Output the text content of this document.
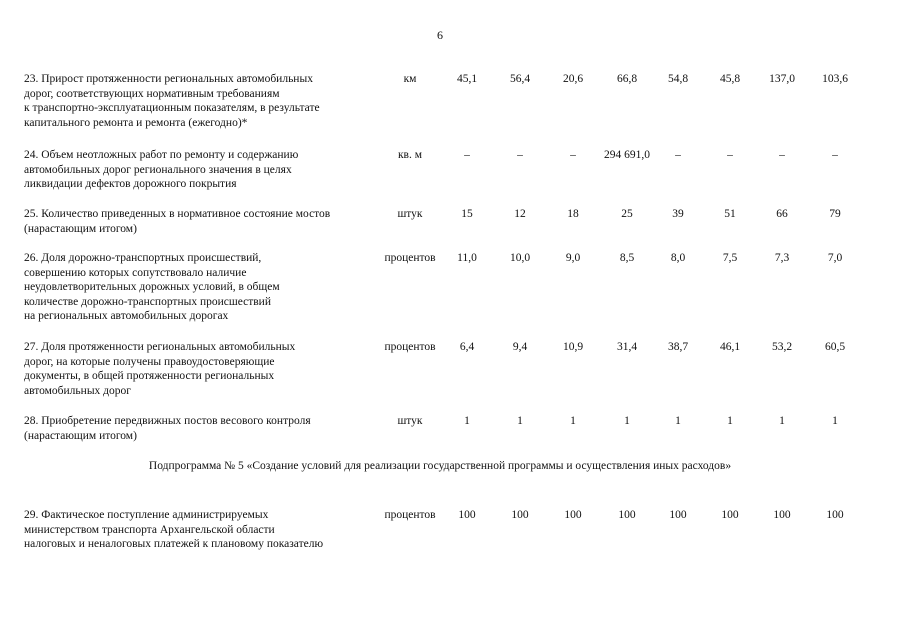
6
23. Прирост протяженности региональных автомобильных
дорог, соответствующих нормативным требованиям
к транспортно-эксплуатационным показателям, в результате
капитального ремонта и ремонта (ежегодно)*
км	45,1	56,4	20,6	66,8	54,8	45,8	137,0	103,6
24. Объем неотложных работ по ремонту и содержанию
автомобильных дорог регионального значения в целях
ликвидации дефектов дорожного покрытия
кв. м	–	–	–	294 691,0	–	–	–	–
25. Количество приведенных в нормативное состояние мостов
(нарастающим итогом)
штук	15	12	18	25	39	51	66	79
26. Доля дорожно-транспортных происшествий,
совершению которых сопутствовало наличие
неудовлетворительных дорожных условий, в общем
количестве дорожно-транспортных происшествий
на региональных автомобильных дорогах
процентов	11,0	10,0	9,0	8,5	8,0	7,5	7,3	7,0
27. Доля протяженности региональных автомобильных
дорог, на которые получены правоудостоверяющие
документы, в общей протяженности региональных
автомобильных дорог
процентов	6,4	9,4	10,9	31,4	38,7	46,1	53,2	60,5
28. Приобретение передвижных постов весового контроля
(нарастающим итогом)
штук	1	1	1	1	1	1	1	1
Подпрограмма № 5 «Создание условий для реализации государственной программы и осуществления иных расходов»
29. Фактическое поступление администрируемых
министерством транспорта Архангельской области
налоговых и неналоговых платежей к плановому показателю
процентов	100	100	100	100	100	100	100	100
